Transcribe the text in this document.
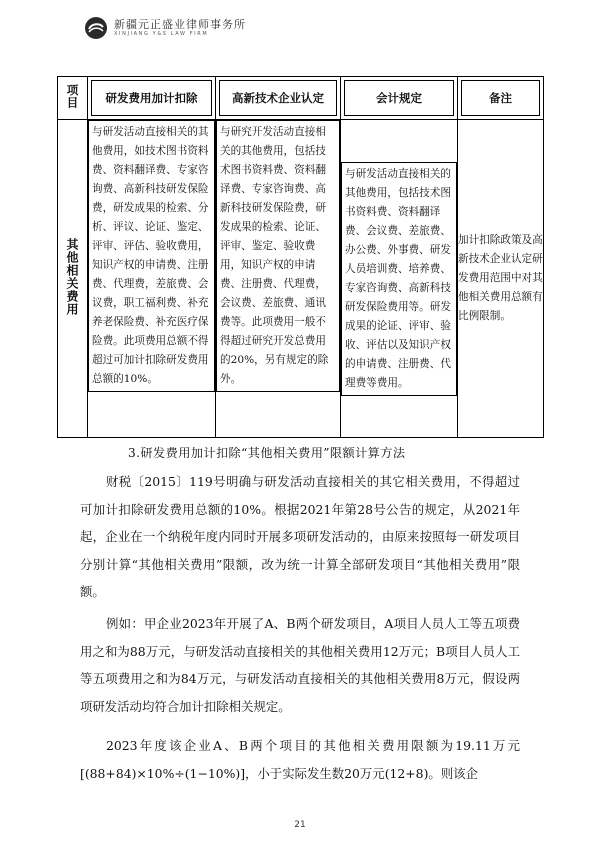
新疆元正盛业律师事务所
XINJIANG Y&S LAW FIRM
项目	研发费用加计扣除	高新技术企业认定	会计规定	备注

其他相关费用	与研发活动直接相关的其他费用，如技术图书资料费、资料翻译费、专家咨询费、高新科技研发保险费，研发成果的检索、分析、评议、论证、鉴定、评审、评估、验收费用，知识产权的申请费、注册费、代理费，差旅费、会议费，职工福利费、补充养老保险费、补充医疗保险费。此项费用总额不得超过可加计扣除研发费用总额的10%。	与研究开发活动直接相关的其他费用，包括技术图书资料费、资料翻译费、专家咨询费、高新科技研发保险费，研发成果的检索、论证、评审、鉴定、验收费用，知识产权的申请费、注册费、代理费，会议费、差旅费、通讯费等。此项费用一般不得超过研究开发总费用的20%，另有规定的除外。	与研发活动直接相关的其他费用，包括技术图书资料费、资料翻译费、会议费、差旅费、办公费、外事费、研发人员培训费、培养费、专家咨询费、高新科技研发保险费用等。研发成果的论证、评审、验收、评估以及知识产权的申请费、注册费、代理费等费用。	加计扣除政策及高新技术企业认定研发费用范围中对其他相关费用总额有比例限制。
3.研发费用加计扣除“其他相关费用”限额计算方法
财税〔2015〕119号明确与研发活动直接相关的其它相关费用，不得超过可加计扣除研发费用总额的10%。根据2021年第28号公告的规定，从2021年起，企业在一个纳税年度内同时开展多项研发活动的，由原来按照每一研发项目分别计算“其他相关费用”限额，改为统一计算全部研发项目“其他相关费用”限额。
例如：甲企业2023年开展了A、B两个研发项目，A项目人员人工等五项费用之和为88万元，与研发活动直接相关的其他相关费用12万元；B项目人员人工等五项费用之和为84万元，与研发活动直接相关的其他相关费用8万元，假设两项研发活动均符合加计扣除相关规定。
2023年度该企业A、B两个项目的其他相关费用限额为19.11万元[(88+84)×10%÷(1−10%)]，小于实际发生数20万元(12+8)。则该企
21
